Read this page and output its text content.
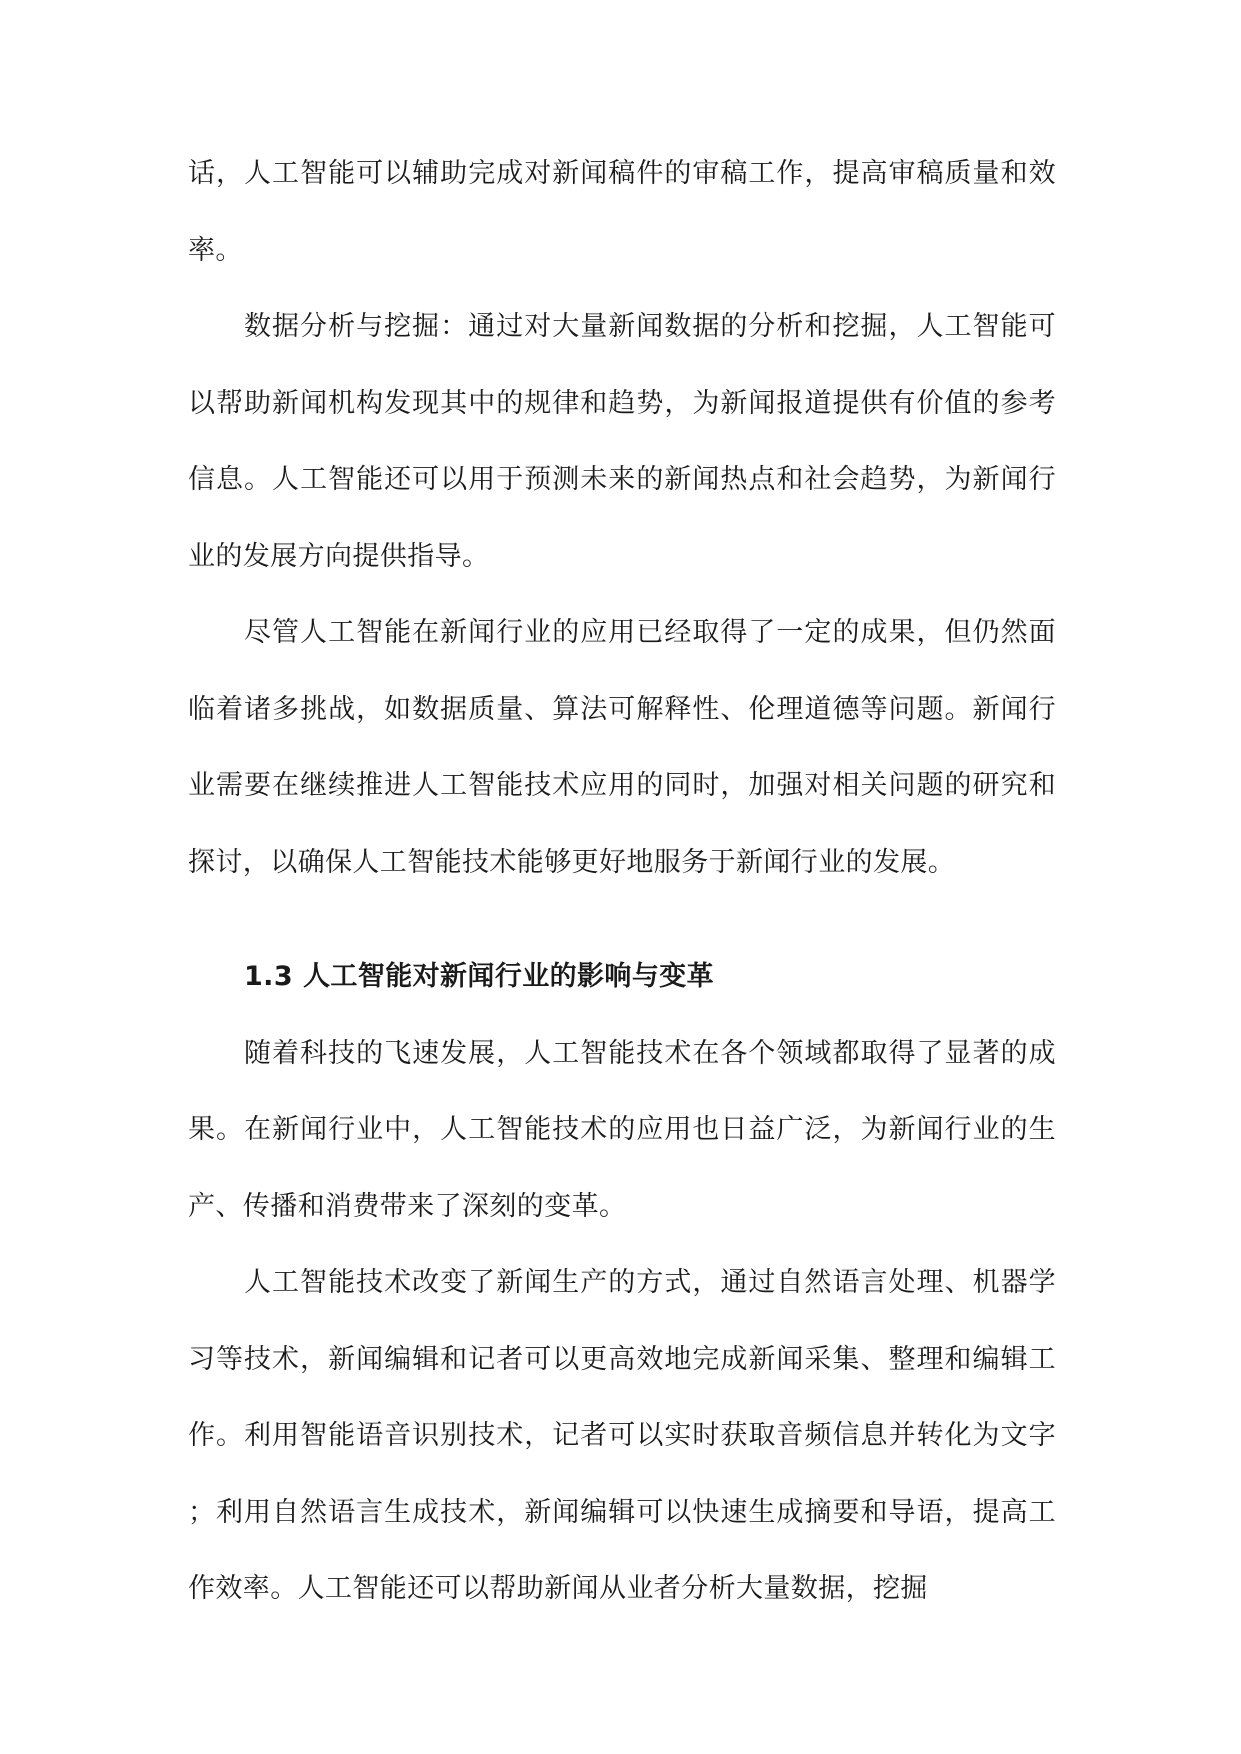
话，人工智能可以辅助完成对新闻稿件的审稿工作，提高审稿质量和效率。

数据分析与挖掘：通过对大量新闻数据的分析和挖掘，人工智能可以帮助新闻机构发现其中的规律和趋势，为新闻报道提供有价值的参考信息。人工智能还可以用于预测未来的新闻热点和社会趋势，为新闻行业的发展方向提供指导。

尽管人工智能在新闻行业的应用已经取得了一定的成果，但仍然面临着诸多挑战，如数据质量、算法可解释性、伦理道德等问题。新闻行业需要在继续推进人工智能技术应用的同时，加强对相关问题的研究和探讨，以确保人工智能技术能够更好地服务于新闻行业的发展。

1.3 人工智能对新闻行业的影响与变革

随着科技的飞速发展，人工智能技术在各个领域都取得了显著的成果。在新闻行业中，人工智能技术的应用也日益广泛，为新闻行业的生产、传播和消费带来了深刻的变革。

人工智能技术改变了新闻生产的方式，通过自然语言处理、机器学习等技术，新闻编辑和记者可以更高效地完成新闻采集、整理和编辑工作。利用智能语音识别技术，记者可以实时获取音频信息并转化为文字；利用自然语言生成技术，新闻编辑可以快速生成摘要和导语，提高工作效率。人工智能还可以帮助新闻从业者分析大量数据，挖掘
